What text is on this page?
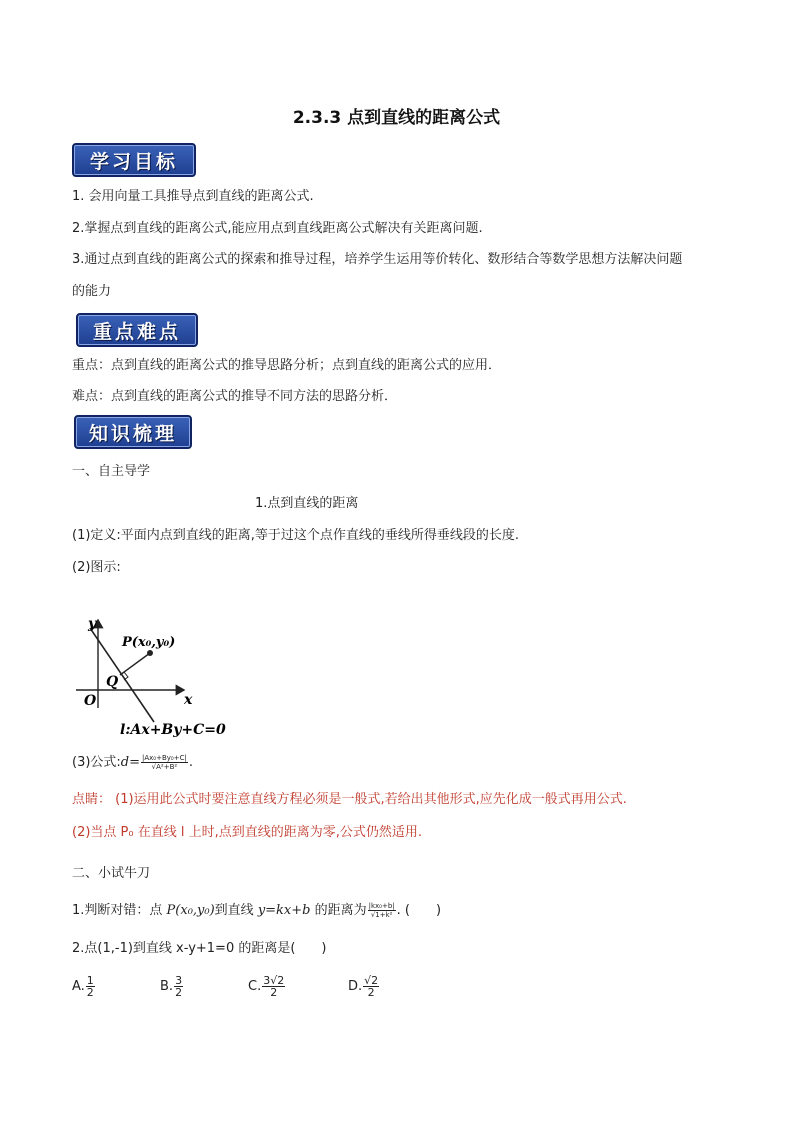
2.3.3 点到直线的距离公式
学习目标
1. 会用向量工具推导点到直线的距离公式.
2.掌握点到直线的距离公式,能应用点到直线距离公式解决有关距离问题.
3.通过点到直线的距离公式的探索和推导过程，培养学生运用等价转化、数形结合等数学思想方法解决问题
的能力
重点难点
重点：点到直线的距离公式的推导思路分析；点到直线的距离公式的应用．
难点：点到直线的距离公式的推导不同方法的思路分析．
知识梳理
一、自主导学
1.点到直线的距离
(1)定义:平面内点到直线的距离,等于过这个点作直线的垂线所得垂线段的长度.
(2)图示:
y
x
O
P(x₀,y₀)
Q
l:Ax+By+C=0
(3)公式:d= $\frac{\text{|Ax₀+By₀+C|}}{\text{√A²+B²}}$ .
点睛： (1)运用此公式时要注意直线方程必须是一般式,若给出其他形式,应先化成一般式再用公式.
(2)当点 P₀ 在直线 l 上时,点到直线的距离为零,公式仍然适用.
二、小试牛刀
1.判断对错：点 P(x₀,y₀)到直线 y=kx+b 的距离为 $\frac{\text{|kx₀+b|}}{\text{√1+k²}}$ . (　　)
2.点(1,-1)到直线 x-y+1=0 的距离是(　　)
A. $\frac{1}{2}$	B. $\frac{3}{2}$	C. $\frac{3√2}{2}$	D. $\frac{√2}{2}$
